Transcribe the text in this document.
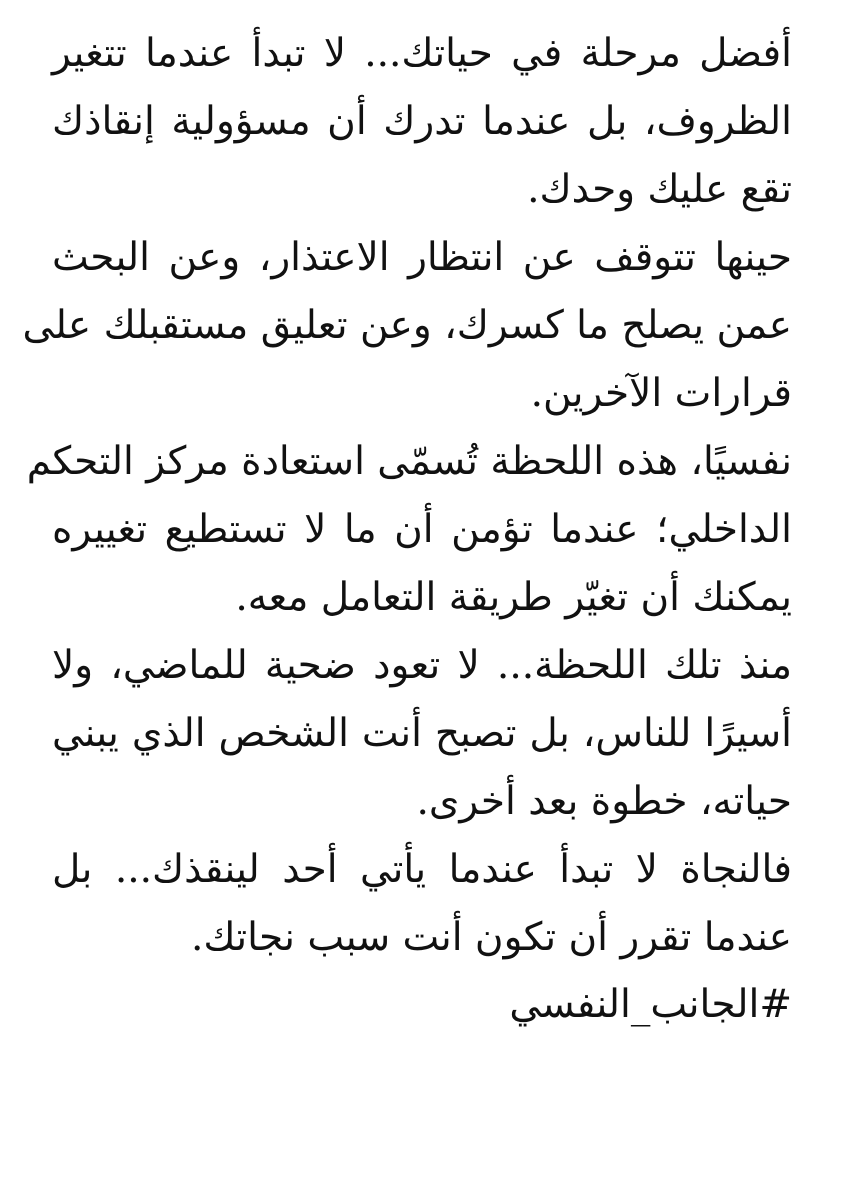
أفضل مرحلة في حياتك... لا تبدأ عندما تتغير
الظروف، بل عندما تدرك أن مسؤولية إنقاذك
تقع عليك وحدك.
حينها تتوقف عن انتظار الاعتذار، وعن البحث
عمن يصلح ما كسرك، وعن تعليق مستقبلك على
قرارات الآخرين.
نفسيًا، هذه اللحظة تُسمّى استعادة مركز التحكم
الداخلي؛ عندما تؤمن أن ما لا تستطيع تغييره
يمكنك أن تغيّر طريقة التعامل معه.
منذ تلك اللحظة... لا تعود ضحية للماضي، ولا
أسيرًا للناس، بل تصبح أنت الشخص الذي يبني
حياته، خطوة بعد أخرى.
فالنجاة لا تبدأ عندما يأتي أحد لينقذك... بل
عندما تقرر أن تكون أنت سبب نجاتك.
#الجانب_النفسي
